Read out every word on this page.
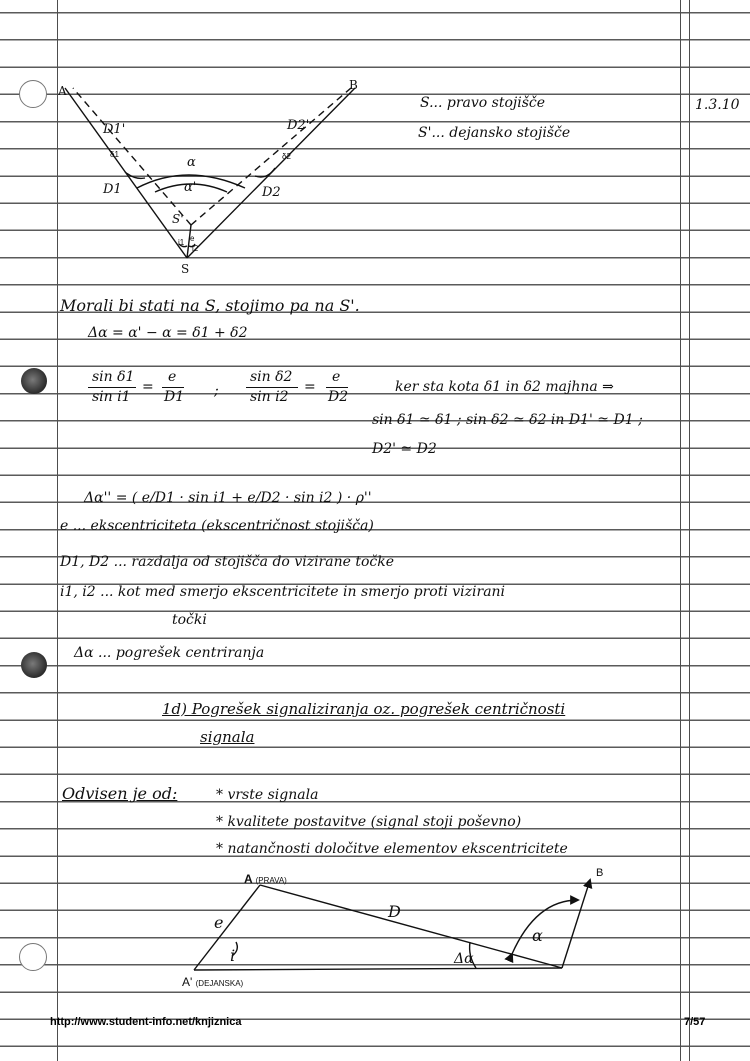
1.3.10
A	B
S
D1'	D2'
D1	D2
α
α'
S'
δ1	δ2
i1
i2
e
S... pravo stojišče
S'... dejansko stojišče
Morali bi stati na S, stojimo pa na S'.
Δα = α' − α = δ1 + δ2
sin δ1
sin i1
=
e
D1 ;
sin δ2
sin i2
=
e
D2
ker sta kota δ1 in δ2 majhna ⇒
sin δ1 ≃ δ1 ; sin δ2 ≃ δ2 in D1' ≃ D1 ;
D2' ≃ D2
Δα'' = ( e/D1 · sin i1 + e/D2 · sin i2 ) · ρ''
e ... ekscentriciteta (ekscentričnost stojišča)
D1, D2 ... razdalja od stojišča do vizirane točke
i1, i2 ... kot med smerjo ekscentricitete in smerjo proti vizirani
točki
Δα ... pogrešek centriranja
1d) Pogrešek signaliziranja oz. pogrešek centričnosti
signala
Odvisen je od:	* vrste signala
* kvalitete postavitve (signal stoji poševno)
* natančnosti določitve elementov ekscentricitete
A (PRAVA)
A' (DEJANSKA)
B
e
D
i	Δα
α
http://www.student-info.net/knjiznica	7/57
